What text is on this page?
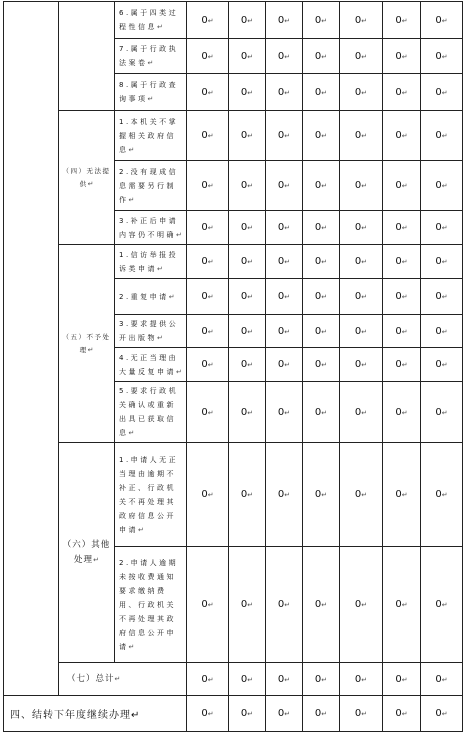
		6.属于四类过程性信息↵	0↵	0↵	0↵	0↵	0↵	0↵	0↵
		7.属于行政执法案卷↵	0↵	0↵	0↵	0↵	0↵	0↵	0↵
		8.属于行政查询事项↵	0↵	0↵	0↵	0↵	0↵	0↵	0↵
	（四）无法提供↵	1.本机关不掌握相关政府信息↵	0↵	0↵	0↵	0↵	0↵	0↵	0↵
		2.没有现成信息需要另行制作↵	0↵	0↵	0↵	0↵	0↵	0↵	0↵
		3.补正后申请内容仍不明确↵	0↵	0↵	0↵	0↵	0↵	0↵	0↵
	（五）不予处理↵	1.信访举报投诉类申请↵	0↵	0↵	0↵	0↵	0↵	0↵	0↵
		2.重复申请↵	0↵	0↵	0↵	0↵	0↵	0↵	0↵
		3.要求提供公开出版物↵	0↵	0↵	0↵	0↵	0↵	0↵	0↵
		4.无正当理由大量反复申请↵	0↵	0↵	0↵	0↵	0↵	0↵	0↵
		5.要求行政机关确认或重新出具已获取信息↵	0↵	0↵	0↵	0↵	0↵	0↵	0↵
	（六）其他处理↵	1.申请人无正当理由逾期不补正、行政机关不再处理其政府信息公开申请↵	0↵	0↵	0↵	0↵	0↵	0↵	0↵
		2.申请人逾期未按收费通知要求缴纳费用、行政机关不再处理其政府信息公开申请↵	0↵	0↵	0↵	0↵	0↵	0↵	0↵
	（七）总计↵		0↵	0↵	0↵	0↵	0↵	0↵	0↵
四、结转下年度继续办理↵			0↵	0↵	0↵	0↵	0↵	0↵	0↵
